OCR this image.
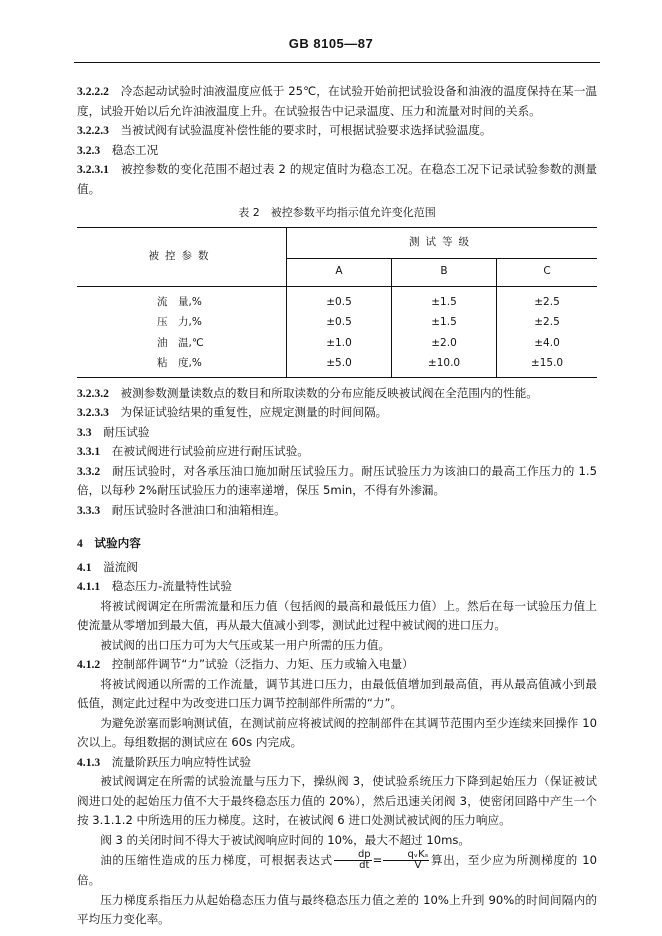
GB 8105—87

3.2.2.2　 冷态起动试验时油液温度应低于 25℃，在试验开始前把试验设备和油液的温度保持在某一温度，试验开始以后允许油液温度上升。在试验报告中记录温度、压力和流量对时间的关系。

3.2.2.3　 当被试阀有试验温度补偿性能的要求时，可根据试验要求选择试验温度。

3.2.3　 稳态工况

3.2.3.1　 被控参数的变化范围不超过表 2 的规定值时为稳态工况。在稳态工况下记录试验参数的测量值。

表 2　被控参数平均指示值允许变化范围
被控参数	测试等级		
	A	B	C
流　量,%	±0.5	±1.5	±2.5
压　力,%	±0.5	±1.5	±2.5
油　温,℃	±1.0	±2.0	±4.0
粘　度,%	±5.0	±10.0	±15.0

3.2.3.2　 被测参数测量读数点的数目和所取读数的分布应能反映被试阀在全范围内的性能。

3.2.3.3　 为保证试验结果的重复性，应规定测量的时间间隔。

3.3　 耐压试验

3.3.1　 在被试阀进行试验前应进行耐压试验。

3.3.2　 耐压试验时，对各承压油口施加耐压试验压力。耐压试验压力为该油口的最高工作压力的 1.5 倍，以每秒 2%耐压试验压力的速率递增，保压 5min，不得有外渗漏。

3.3.3　 耐压试验时各泄油口和油箱相连。

4　 试验内容

4.1　 溢流阀

4.1.1　 稳态压力-流量特性试验

将被试阀调定在所需流量和压力值（包括阀的最高和最低压力值）上。然后在每一试验压力值上使流量从零增加到最大值，再从最大值减小到零，测试此过程中被试阀的进口压力。

被试阀的出口压力可为大气压或某一用户所需的压力值。

4.1.2　 控制部件调节“力”试验（泛指力、力矩、压力或输入电量）

将被试阀通以所需的工作流量，调节其进口压力，由最低值增加到最高值，再从最高值减小到最低值，测定此过程中为改变进口压力调节控制部件所需的“力”。

为避免淤塞而影响测试值，在测试前应将被试阀的控制部件在其调节范围内至少连续来回操作 10 次以上。每组数据的测试应在 60s 内完成。

4.1.3　 流量阶跃压力响应特性试验

被试阀调定在所需的试验流量与压力下，操纵阀 3，使试验系统压力下降到起始压力（保证被试阀进口处的起始压力值不大于最终稳态压力值的 20%），然后迅速关闭阀 3，使密闭回路中产生一个按 3.1.1.2 中所选用的压力梯度。这时，在被试阀 6 进口处测试被试阀的压力响应。

阀 3 的关闭时间不得大于被试阀响应时间的 10%，最大不超过 10ms。

油的压缩性造成的压力梯度，可根据表达式 $\frac{dp}{dt}$ =	qᵥKₛ
V 算出，至少应为所测梯度的 10 倍。

压力梯度系指压力从起始稳态压力值与最终稳态压力值之差的 10%上升到 90%的时间间隔内的平均压力变化率。
